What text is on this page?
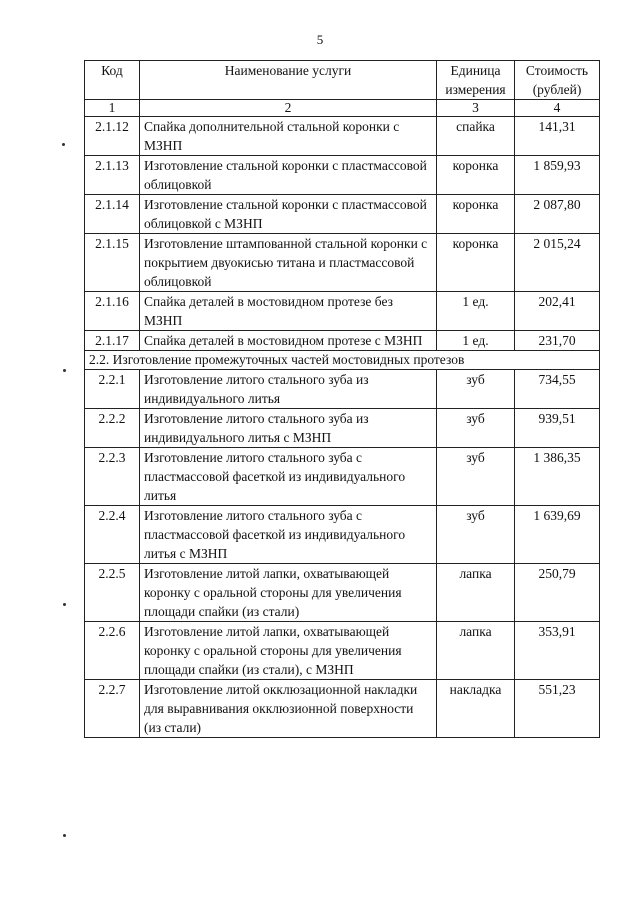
5
Код	Наименование услуги	Единица измерения	Стоимость (рублей)
1	2	3	4
2.1.12	Спайка дополнительной стальной коронки с МЗНП	спайка	141,31
2.1.13	Изготовление стальной коронки с пластмассовой облицовкой	коронка	1 859,93
2.1.14	Изготовление стальной коронки с пластмассовой облицовкой с МЗНП	коронка	2 087,80
2.1.15	Изготовление штампованной стальной коронки с покрытием двуокисью титана и пластмассовой облицовкой	коронка	2 015,24
2.1.16	Спайка деталей в мостовидном протезе без МЗНП	1 ед.	202,41
2.1.17	Спайка деталей в мостовидном протезе с МЗНП	1 ед.	231,70
2.2. Изготовление промежуточных частей мостовидных протезов			
2.2.1	Изготовление литого стального зуба из индивидуального литья	зуб	734,55
2.2.2	Изготовление литого стального зуба из индивидуального литья с МЗНП	зуб	939,51
2.2.3	Изготовление литого стального зуба с пластмассовой фасеткой из индивидуального литья	зуб	1 386,35
2.2.4	Изготовление литого стального зуба с пластмассовой фасеткой из индивидуального литья с МЗНП	зуб	1 639,69
2.2.5	Изготовление литой лапки, охватывающей коронку с оральной стороны для увеличения площади спайки (из стали)	лапка	250,79
2.2.6	Изготовление литой лапки, охватывающей коронку с оральной стороны для увеличения площади спайки (из стали), с МЗНП	лапка	353,91
2.2.7	Изготовление литой окклюзационной накладки для выравнивания окклюзионной поверхности (из стали)	накладка	551,23
